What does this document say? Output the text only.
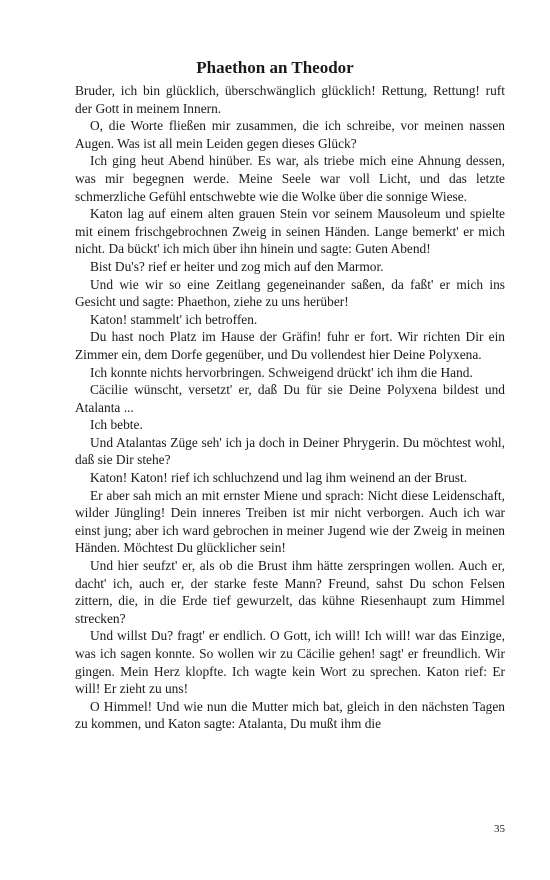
Phaethon an Theodor

Bruder, ich bin glücklich, überschwänglich glücklich! Rettung, Rettung! ruft der Gott in meinem Innern.

O, die Worte fließen mir zusammen, die ich schreibe, vor meinen nassen Augen. Was ist all mein Leiden gegen dieses Glück?

Ich ging heut Abend hinüber. Es war, als triebe mich eine Ahnung dessen, was mir begegnen werde. Meine Seele war voll Licht, und das letzte schmerzliche Gefühl entschwebte wie die Wolke über die sonnige Wiese.

Katon lag auf einem alten grauen Stein vor seinem Mausoleum und spielte mit einem frischgebrochnen Zweig in seinen Händen. Lange bemerkt' er mich nicht. Da bückt' ich mich über ihn hinein und sagte: Guten Abend!

Bist Du's? rief er heiter und zog mich auf den Marmor.

Und wie wir so eine Zeitlang gegeneinander saßen, da faßt' er mich ins Gesicht und sagte: Phaethon, ziehe zu uns herüber!

Katon! stammelt' ich betroffen.

Du hast noch Platz im Hause der Gräfin! fuhr er fort. Wir richten Dir ein Zimmer ein, dem Dorfe gegenüber, und Du vollendest hier Deine Polyxena.

Ich konnte nichts hervorbringen. Schweigend drückt' ich ihm die Hand.

Cäcilie wünscht, versetzt' er, daß Du für sie Deine Polyxena bildest und Atalanta ...

Ich bebte.

Und Atalantas Züge seh' ich ja doch in Deiner Phrygerin. Du möchtest wohl, daß sie Dir stehe?

Katon! Katon! rief ich schluchzend und lag ihm weinend an der Brust.

Er aber sah mich an mit ernster Miene und sprach: Nicht diese Leidenschaft, wilder Jüngling! Dein inneres Treiben ist mir nicht verborgen. Auch ich war einst jung; aber ich ward gebrochen in meiner Jugend wie der Zweig in meinen Händen. Möchtest Du glücklicher sein!

Und hier seufzt' er, als ob die Brust ihm hätte zerspringen wollen. Auch er, dacht' ich, auch er, der starke feste Mann? Freund, sahst Du schon Felsen zittern, die, in die Erde tief gewurzelt, das kühne Riesenhaupt zum Himmel strecken?

Und willst Du? fragt' er endlich. O Gott, ich will! Ich will! war das Einzige, was ich sagen konnte. So wollen wir zu Cäcilie gehen! sagt' er freundlich. Wir gingen. Mein Herz klopfte. Ich wagte kein Wort zu sprechen. Katon rief: Er will! Er zieht zu uns!

O Himmel! Und wie nun die Mutter mich bat, gleich in den nächsten Tagen zu kommen, und Katon sagte: Atalanta, Du mußt ihm die

35
